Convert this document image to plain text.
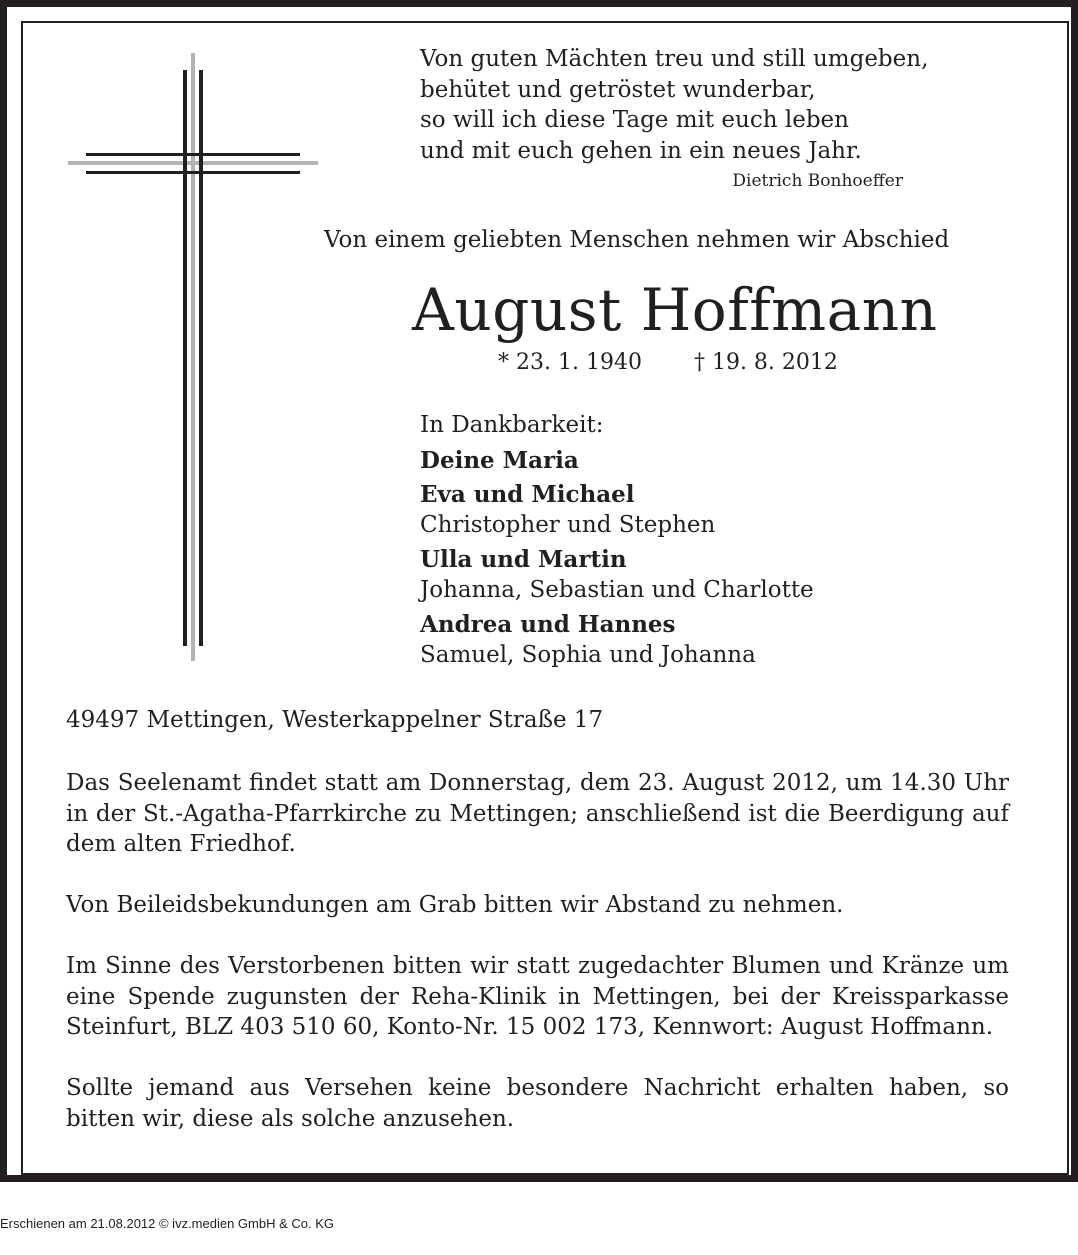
Von guten Mächten treu und still umgeben,
behütet und getröstet wunderbar,
so will ich diese Tage mit euch leben
und mit euch gehen in ein neues Jahr.
Dietrich Bonhoeffer
Von einem geliebten Menschen nehmen wir Abschied
August Hoffmann
* 23. 1. 1940 † 19. 8. 2012
In Dankbarkeit:
Deine Maria
Eva und Michael
Christopher und Stephen
Ulla und Martin
Johanna, Sebastian und Charlotte
Andrea und Hannes
Samuel, Sophia und Johanna
49497 Mettingen, Westerkappelner Straße 17
Das Seelenamt findet statt am Donnerstag, dem 23. August 2012, um 14.30 Uhr in der St.-Agatha-Pfarrkirche zu Mettingen; anschließend ist die Beerdigung auf dem alten Friedhof.
Von Beileidsbekundungen am Grab bitten wir Abstand zu nehmen.
Im Sinne des Verstorbenen bitten wir statt zugedachter Blumen und Kränze um eine Spende zugunsten der Reha-Klinik in Mettingen, bei der Kreissparkasse Steinfurt, BLZ 403 510 60, Konto-Nr. 15 002 173, Kennwort: August Hoffmann.
Sollte jemand aus Versehen keine besondere Nachricht erhalten haben, so bitten wir, diese als solche anzusehen.
Erschienen am 21.08.2012 © ivz.medien GmbH & Co. KG
